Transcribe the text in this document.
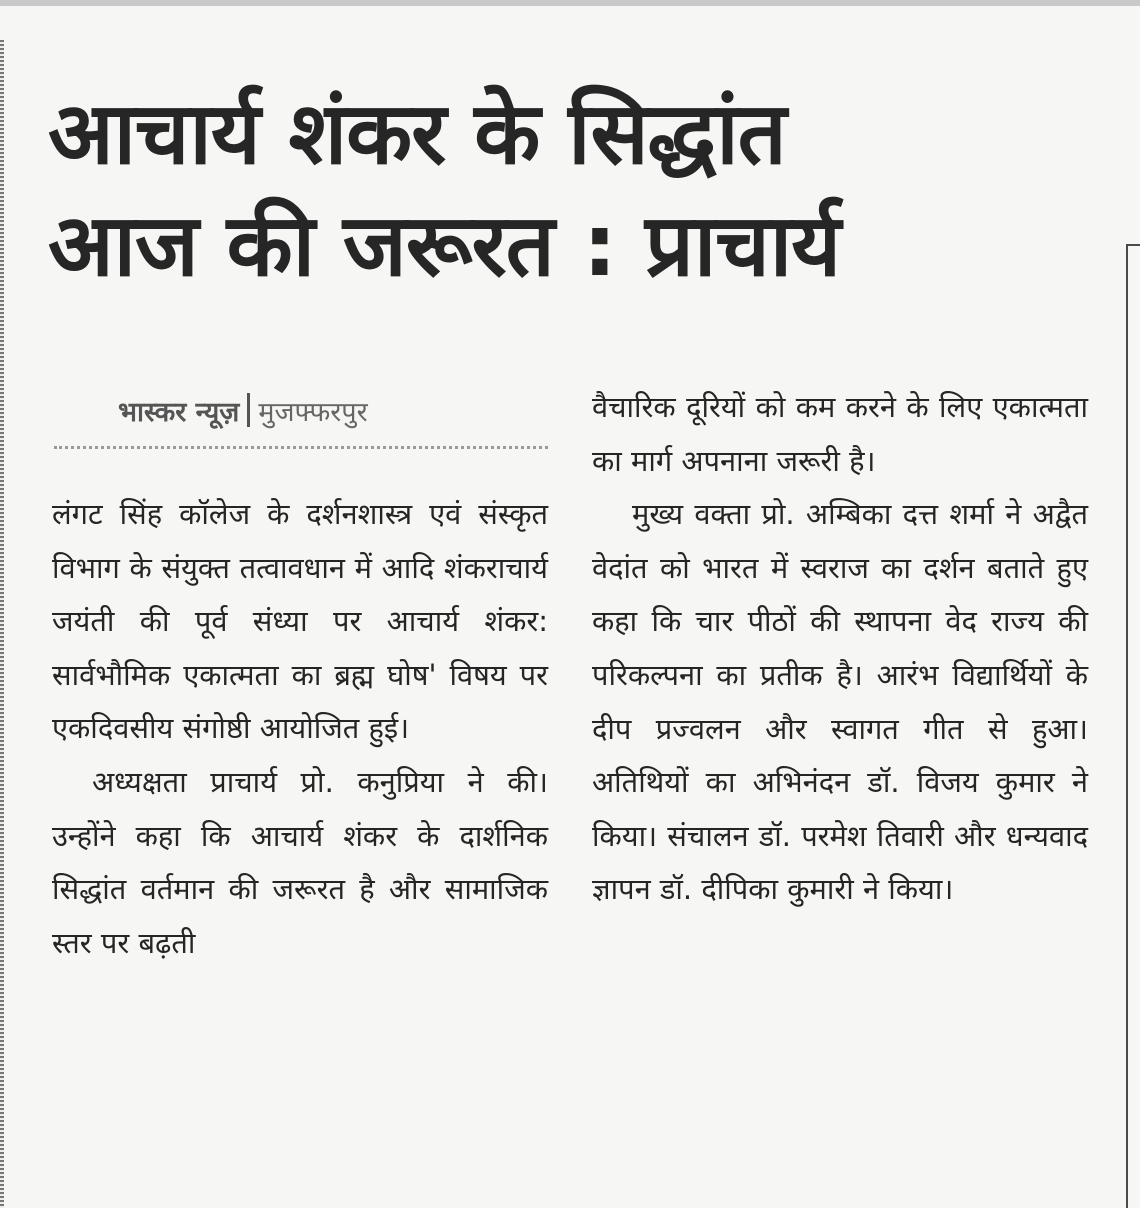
आचार्य शंकर के सिद्धांत
आज की जरूरत : प्राचार्य
भास्कर न्यूज़ मुजफ्फरपुर

लंगट सिंह कॉलेज के दर्शनशास्त्र एवं संस्कृत विभाग के संयुक्त तत्वावधान में आदि शंकराचार्य जयंती की पूर्व संध्या पर आचार्य शंकर: सार्वभौमिक एकात्मता का ब्रह्म घोष' विषय पर एकदिवसीय संगोष्ठी आयोजित हुई।

अध्यक्षता प्राचार्य प्रो. कनुप्रिया ने की। उन्होंने कहा कि आचार्य शंकर के दार्शनिक सिद्धांत वर्तमान की जरूरत है और सामाजिक स्तर पर बढ़ती

वैचारिक दूरियों को कम करने के लिए एकात्मता का मार्ग अपनाना जरूरी है।

मुख्य वक्ता प्रो. अम्बिका दत्त शर्मा ने अद्वैत वेदांत को भारत में स्वराज का दर्शन बताते हुए कहा कि चार पीठों की स्थापना वेद राज्य की परिकल्पना का प्रतीक है। आरंभ विद्यार्थियों के दीप प्रज्वलन और स्वागत गीत से हुआ। अतिथियों का अभिनंदन डॉ. विजय कुमार ने किया। संचालन डॉ. परमेश तिवारी और धन्यवाद ज्ञापन डॉ. दीपिका कुमारी ने किया।
